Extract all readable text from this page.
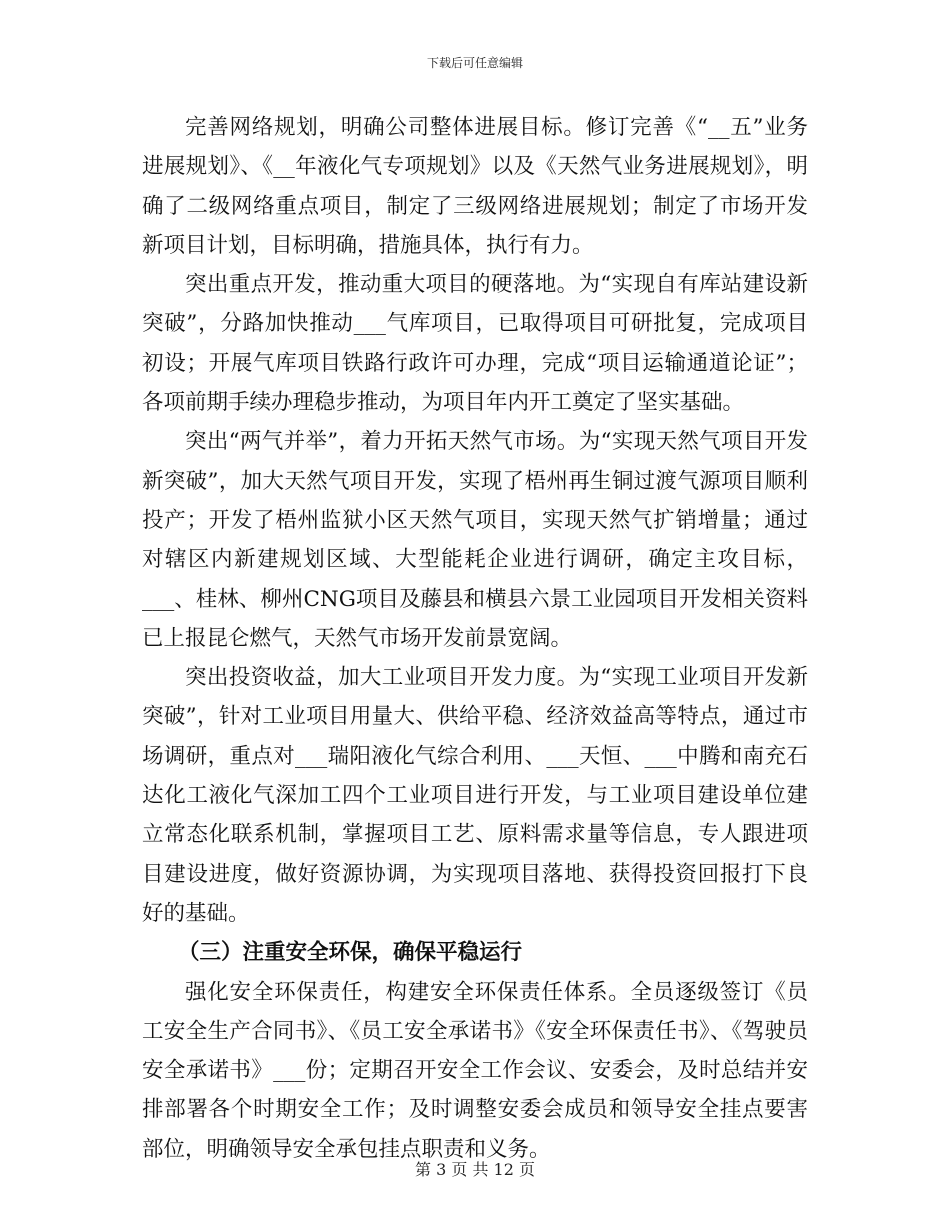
下载后可任意编辑

完善网络规划，明确公司整体进展目标。修订完善《“__五”业务进展规划》、《__年液化气专项规划》以及《天然气业务进展规划》，明确了二级网络重点项目，制定了三级网络进展规划；制定了市场开发新项目计划，目标明确，措施具体，执行有力。

突出重点开发，推动重大项目的硬落地。为“实现自有库站建设新突破”，分路加快推动___气库项目，已取得项目可研批复，完成项目初设；开展气库项目铁路行政许可办理，完成“项目运输通道论证”；各项前期手续办理稳步推动，为项目年内开工奠定了坚实基础。

突出“两气并举”，着力开拓天然气市场。为“实现天然气项目开发新突破”，加大天然气项目开发，实现了梧州再生铜过渡气源项目顺利投产；开发了梧州监狱小区天然气项目，实现天然气扩销增量；通过对辖区内新建规划区域、大型能耗企业进行调研，确定主攻目标，___、桂林、柳州CNG项目及藤县和横县六景工业园项目开发相关资料已上报昆仑燃气，天然气市场开发前景宽阔。

突出投资收益，加大工业项目开发力度。为“实现工业项目开发新突破”，针对工业项目用量大、供给平稳、经济效益高等特点，通过市场调研，重点对___瑞阳液化气综合利用、___天恒、___中腾和南充石达化工液化气深加工四个工业项目进行开发，与工业项目建设单位建立常态化联系机制，掌握项目工艺、原料需求量等信息，专人跟进项目建设进度，做好资源协调，为实现项目落地、获得投资回报打下良好的基础。

（三）注重安全环保，确保平稳运行

强化安全环保责任，构建安全环保责任体系。全员逐级签订《员工安全生产合同书》、《员工安全承诺书》《安全环保责任书》、《驾驶员安全承诺书》___份；定期召开安全工作会议、安委会，及时总结并安排部署各个时期安全工作；及时调整安委会成员和领导安全挂点要害部位，明确领导安全承包挂点职责和义务。

第 3 页 共 12 页
